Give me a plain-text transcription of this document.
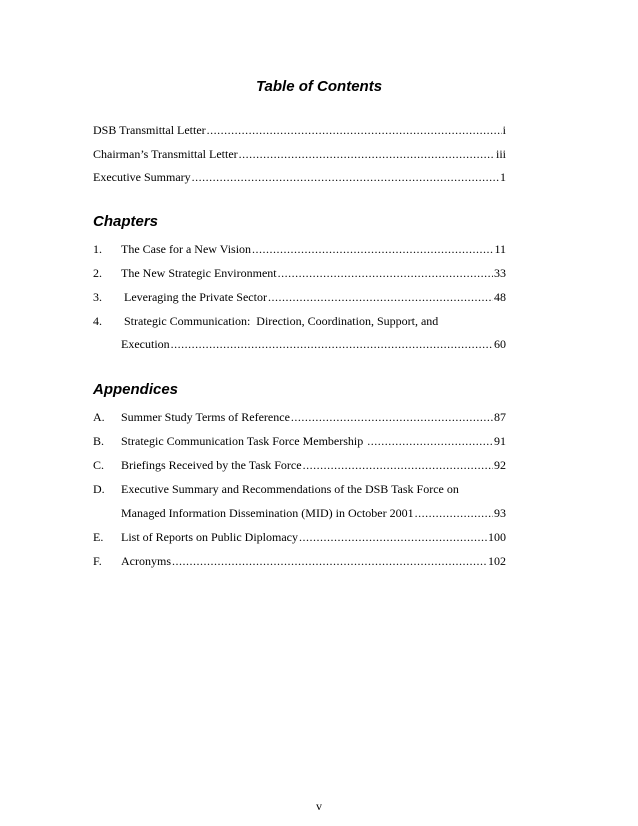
Table of Contents
DSB Transmittal Letter .....	i
Chairman’s Transmittal Letter .....	iii
Executive Summary .....	1
Chapters
1.	The Case for a New Vision .....	11
2.	The New Strategic Environment .....	33
3.	Leveraging the Private Sector .....	48
4. Strategic Communication:  Direction, Coordination, Support, and
Execution .....	60
Appendices
A.	Summer Study Terms of Reference .....	87
B.	Strategic Communication Task Force Membership .....	91
C.	Briefings Received by the Task Force .....	92
D. Executive Summary and Recommendations of the DSB Task Force on
Managed Information Dissemination (MID) in October 2001 .....	93
E.	List of Reports on Public Diplomacy .....	100
F.	Acronyms .....	102
v
